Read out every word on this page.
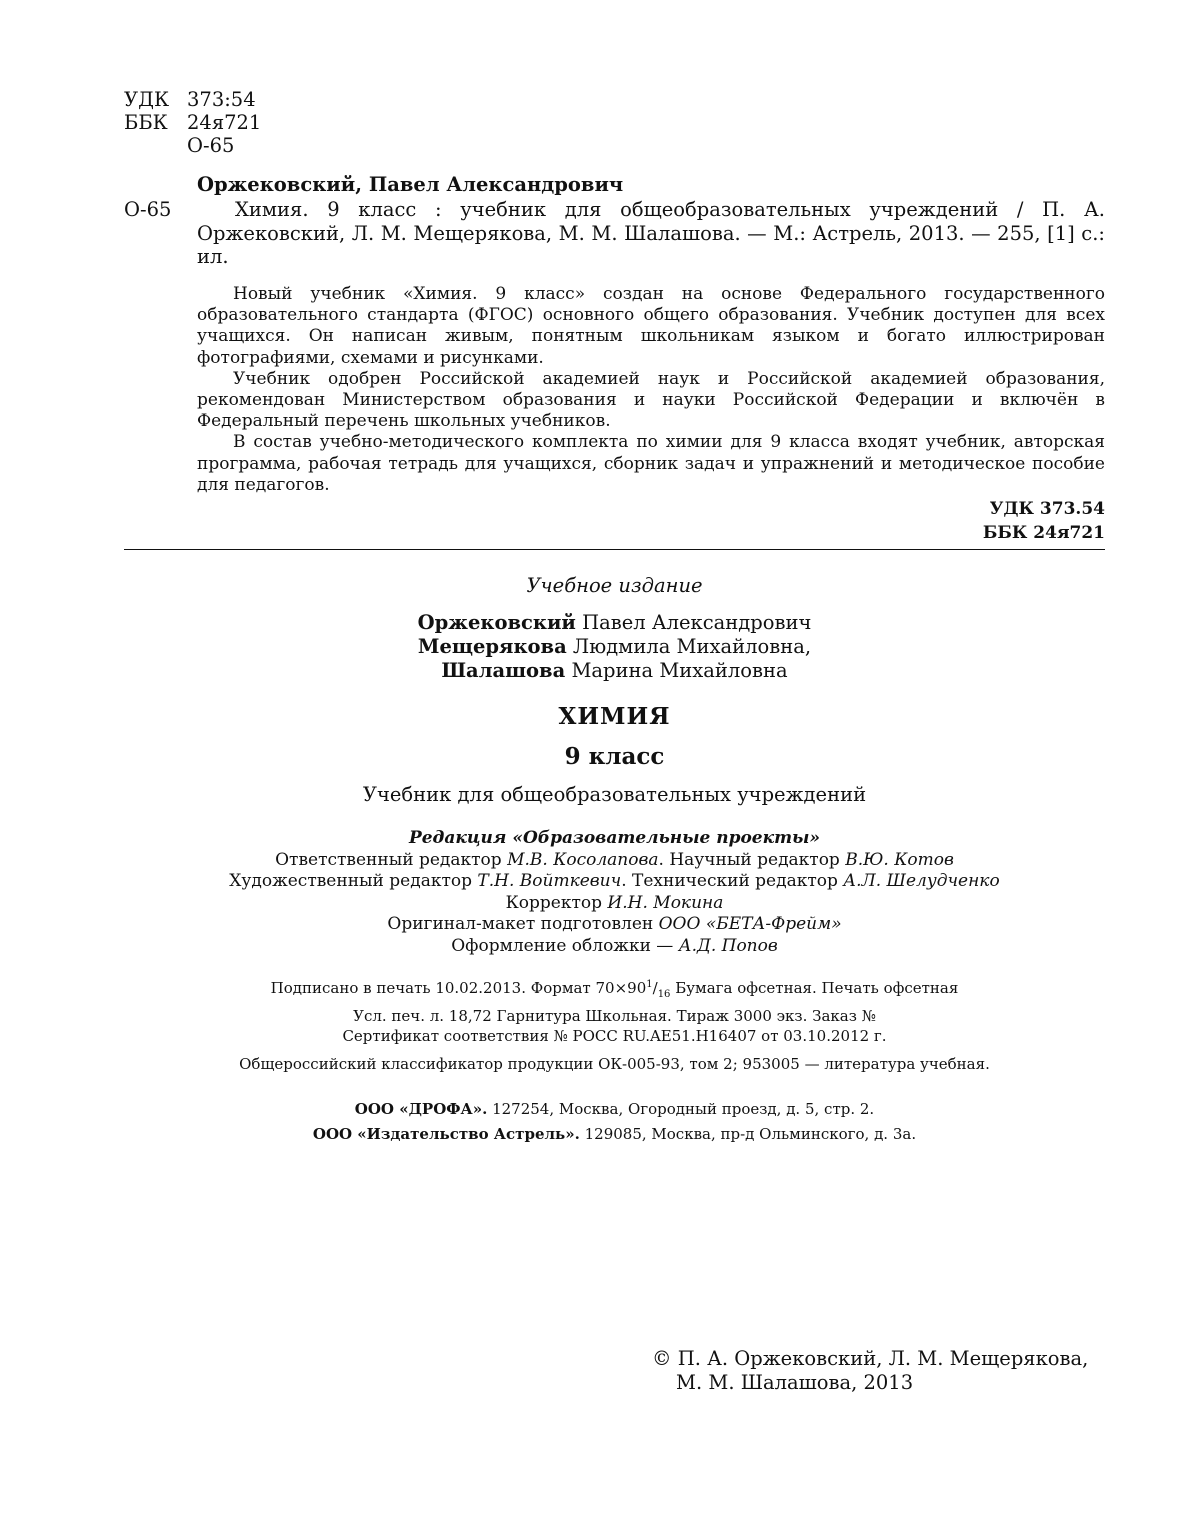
УДК 373:54
ББК 24я721
О-65
Оржековский, Павел Александрович
О-65	Химия. 9 класс : учебник для общеобразовательных учреждений / П. А. Оржековский, Л. М. Мещерякова, М. М. Шалашова. — М.: Астрель, 2013. — 255, [1] с.: ил.

Новый учебник «Химия. 9 класс» создан на основе Федерального государственного образовательного стандарта (ФГОС) основного общего образования. Учебник доступен для всех учащихся. Он написан живым, понятным школьникам языком и богато иллюстрирован фотографиями, схемами и рисунками.

Учебник одобрен Российской академией наук и Российской академией образования, рекомендован Министерством образования и науки Российской Федерации и включён в Федеральный перечень школьных учебников.

В состав учебно-методического комплекта по химии для 9 класса входят учебник, авторская программа, рабочая тетрадь для учащихся, сборник задач и упражнений и методическое пособие для педагогов.

УДК 373.54
ББК 24я721
Учебное издание
Оржековский Павел Александрович
Мещерякова Людмила Михайловна,
Шалашова Марина Михайловна
ХИМИЯ
9 класс
Учебник для общеобразовательных учреждений
Редакция «Образовательные проекты»
Ответственный редактор М.В. Косолапова. Научный редактор В.Ю. Котов
Художественный редактор Т.Н. Войткевич. Технический редактор А.Л. Шелудченко
Корректор И.Н. Мокина
Оригинал-макет подготовлен ООО «БЕТА-Фрейм»
Оформление обложки — А.Д. Попов
Подписано в печать 10.02.2013. Формат $70\times 90^1/_{16}$ Бумага офсетная. Печать офсетная
Усл. печ. л. 18,72 Гарнитура Школьная. Тираж 3000 экз. Заказ №
Сертификат соответствия № РОСС RU.AE51.H16407 от 03.10.2012 г.
Общероссийский классификатор продукции ОК-005-93, том 2; 953005 — литература учебная.
ООО «ДРОФА». 127254, Москва, Огородный проезд, д. 5, стр. 2.
ООО «Издательство Астрель». 129085, Москва, пр-д Ольминского, д. 3а.
© П. А. Оржековский, Л. М. Мещерякова,
М. М. Шалашова, 2013
